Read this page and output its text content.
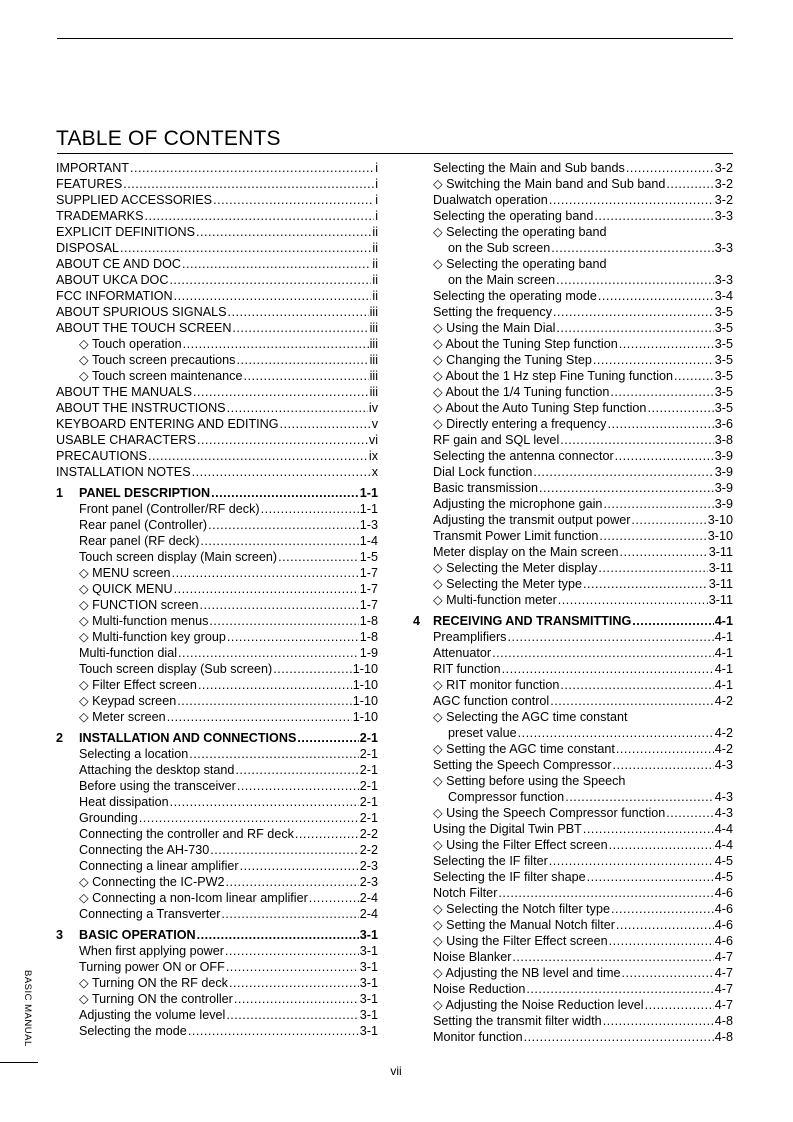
TABLE OF CONTENTS
IMPORTANT .....	i
FEATURES .....	i
SUPPLIED ACCESSORIES .....	i
TRADEMARKS .....	i
EXPLICIT DEFINITIONS .....	ii
DISPOSAL .....	ii
ABOUT CE AND DOC .....	ii
ABOUT UKCA DOC .....	ii
FCC INFORMATION .....	ii
ABOUT SPURIOUS SIGNALS .....	iii
ABOUT THE TOUCH SCREEN .....	iii
◇ Touch operation .....	iii
◇ Touch screen precautions .....	iii
◇ Touch screen maintenance .....	iii
ABOUT THE MANUALS .....	iii
ABOUT THE INSTRUCTIONS .....	iv
KEYBOARD ENTERING AND EDITING .....	v
USABLE CHARACTERS .....	vi
PRECAUTIONS .....	ix
INSTALLATION NOTES .....	x
1	PANEL DESCRIPTION .....	1-1
Front panel (Controller/RF deck) .....	1-1
Rear panel (Controller) .....	1-3
Rear panel (RF deck) .....	1-4
Touch screen display (Main screen) .....	1-5
◇ MENU screen .....	1-7
◇ QUICK MENU .....	1-7
◇ FUNCTION screen .....	1-7
◇ Multi-function menus .....	1-8
◇ Multi-function key group .....	1-8
Multi-function dial .....	1-9
Touch screen display (Sub screen) .....	1-10
◇ Filter Effect screen .....	1-10
◇ Keypad screen .....	1-10
◇ Meter screen .....	1-10
2	INSTALLATION AND CONNECTIONS .....	2-1
Selecting a location .....	2-1
Attaching the desktop stand .....	2-1
Before using the transceiver .....	2-1
Heat dissipation .....	2-1
Grounding .....	2-1
Connecting the controller and RF deck .....	2-2
Connecting the AH-730 .....	2-2
Connecting a linear amplifier .....	2-3
◇ Connecting the IC-PW2 .....	2-3
◇ Connecting a non-Icom linear amplifier .....	2-4
Connecting a Transverter .....	2-4
3	BASIC OPERATION .....	3-1
When first applying power .....	3-1
Turning power ON or OFF .....	3-1
◇ Turning ON the RF deck .....	3-1
◇ Turning ON the controller .....	3-1
Adjusting the volume level .....	3-1
Selecting the mode .....	3-1
Selecting the Main and Sub bands .....	3-2
◇ Switching the Main band and Sub band .....	3-2
Dualwatch operation .....	3-2
Selecting the operating band .....	3-3
◇ Selecting the operating band
on the Sub screen .....	3-3
◇ Selecting the operating band
on the Main screen .....	3-3
Selecting the operating mode .....	3-4
Setting the frequency .....	3-5
◇ Using the Main Dial .....	3-5
◇ About the Tuning Step function .....	3-5
◇ Changing the Tuning Step .....	3-5
◇ About the 1 Hz step Fine Tuning function .....	3-5
◇ About the 1/4 Tuning function .....	3-5
◇ About the Auto Tuning Step function .....	3-5
◇ Directly entering a frequency .....	3-6
RF gain and SQL level .....	3-8
Selecting the antenna connector .....	3-9
Dial Lock function .....	3-9
Basic transmission .....	3-9
Adjusting the microphone gain .....	3-9
Adjusting the transmit output power .....	3-10
Transmit Power Limit function .....	3-10
Meter display on the Main screen .....	3-11
◇ Selecting the Meter display .....	3-11
◇ Selecting the Meter type .....	3-11
◇ Multi-function meter .....	3-11
4	RECEIVING AND TRANSMITTING .....	4-1
Preamplifiers .....	4-1
Attenuator .....	4-1
RIT function .....	4-1
◇ RIT monitor function .....	4-1
AGC function control .....	4-2
◇ Selecting the AGC time constant
preset value .....	4-2
◇ Setting the AGC time constant .....	4-2
Setting the Speech Compressor .....	4-3
◇ Setting before using the Speech
Compressor function .....	4-3
◇ Using the Speech Compressor function .....	4-3
Using the Digital Twin PBT .....	4-4
◇ Using the Filter Effect screen .....	4-4
Selecting the IF filter .....	4-5
Selecting the IF filter shape .....	4-5
Notch Filter .....	4-6
◇ Selecting the Notch filter type .....	4-6
◇ Setting the Manual Notch filter .....	4-6
◇ Using the Filter Effect screen .....	4-6
Noise Blanker .....	4-7
◇ Adjusting the NB level and time .....	4-7
Noise Reduction .....	4-7
◇ Adjusting the Noise Reduction level .....	4-7
Setting the transmit filter width .....	4-8
Monitor function .....	4-8
BASIC MANUAL
vii
